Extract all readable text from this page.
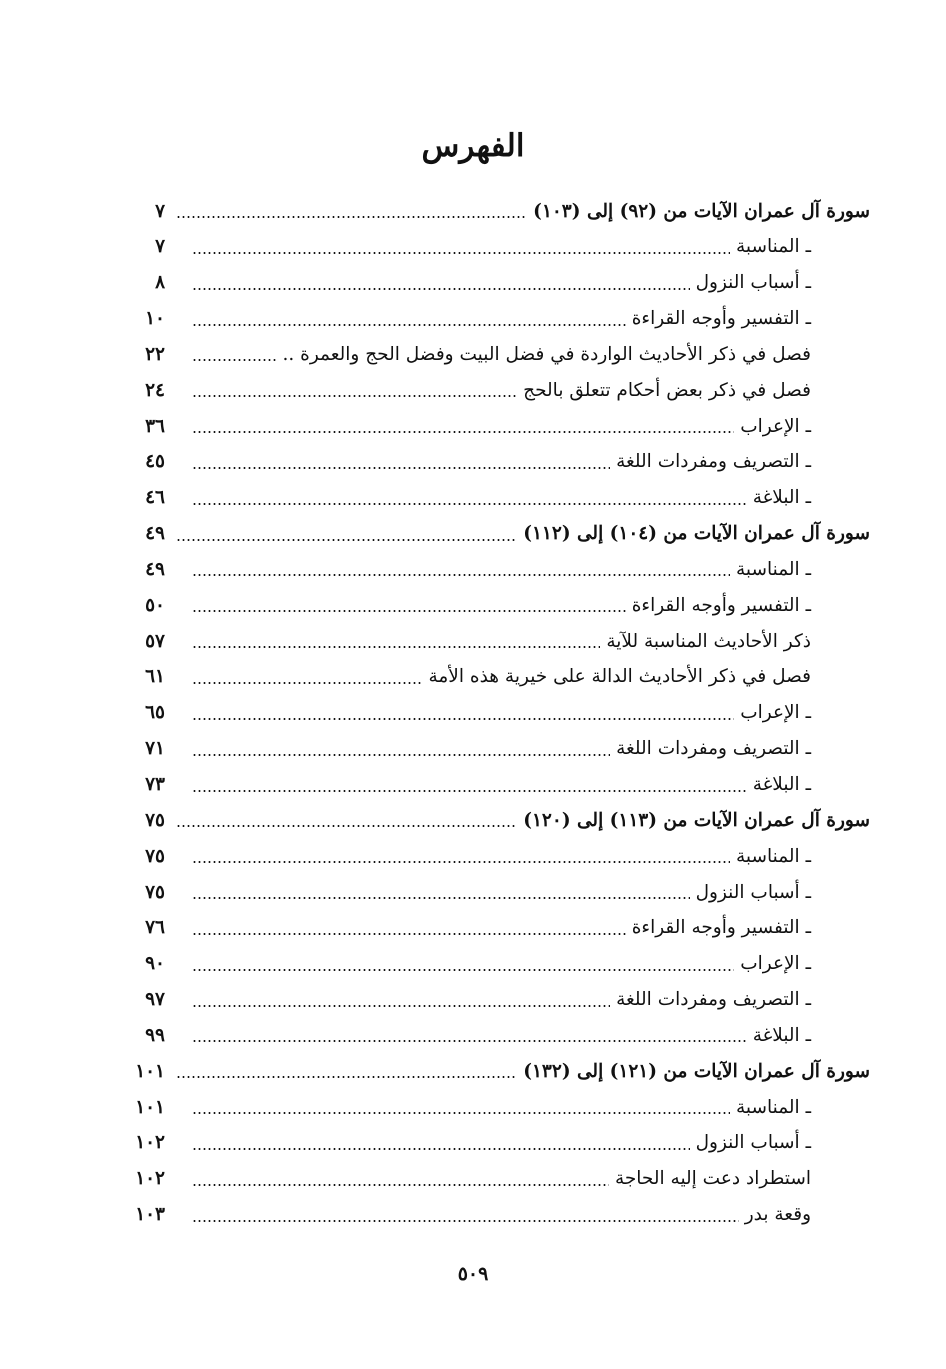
الفهرس
سورة آل عمران الآيات من (٩٢) إلى (١٠٣)
٧
ـ المناسبة
٧
ـ أسباب النزول
٨
ـ التفسير وأوجه القراءة
١٠
فصل في ذكر الأحاديث الواردة في فضل البيت وفضل الحج والعمرة ..
٢٢
فصل في ذكر بعض أحكام تتعلق بالحج
٢٤
ـ الإعراب
٣٦
ـ التصريف ومفردات اللغة
٤٥
ـ البلاغة
٤٦
سورة آل عمران الآيات من (١٠٤) إلى (١١٢)
٤٩
ـ المناسبة
٤٩
ـ التفسير وأوجه القراءة
٥٠
ذكر الأحاديث المناسبة للآية
٥٧
فصل في ذكر الأحاديث الدالة على خيرية هذه الأمة
٦١
ـ الإعراب
٦٥
ـ التصريف ومفردات اللغة
٧١
ـ البلاغة
٧٣
سورة آل عمران الآيات من (١١٣) إلى (١٢٠)
٧٥
ـ المناسبة
٧٥
ـ أسباب النزول
٧٥
ـ التفسير وأوجه القراءة
٧٦
ـ الإعراب
٩٠
ـ التصريف ومفردات اللغة
٩٧
ـ البلاغة
٩٩
سورة آل عمران الآيات من (١٢١) إلى (١٣٢)
١٠١
ـ المناسبة
١٠١
ـ أسباب النزول
١٠٢
استطراد دعت إليه الحاجة
١٠٢
وقعة بدر
١٠٣
٥٠٩
